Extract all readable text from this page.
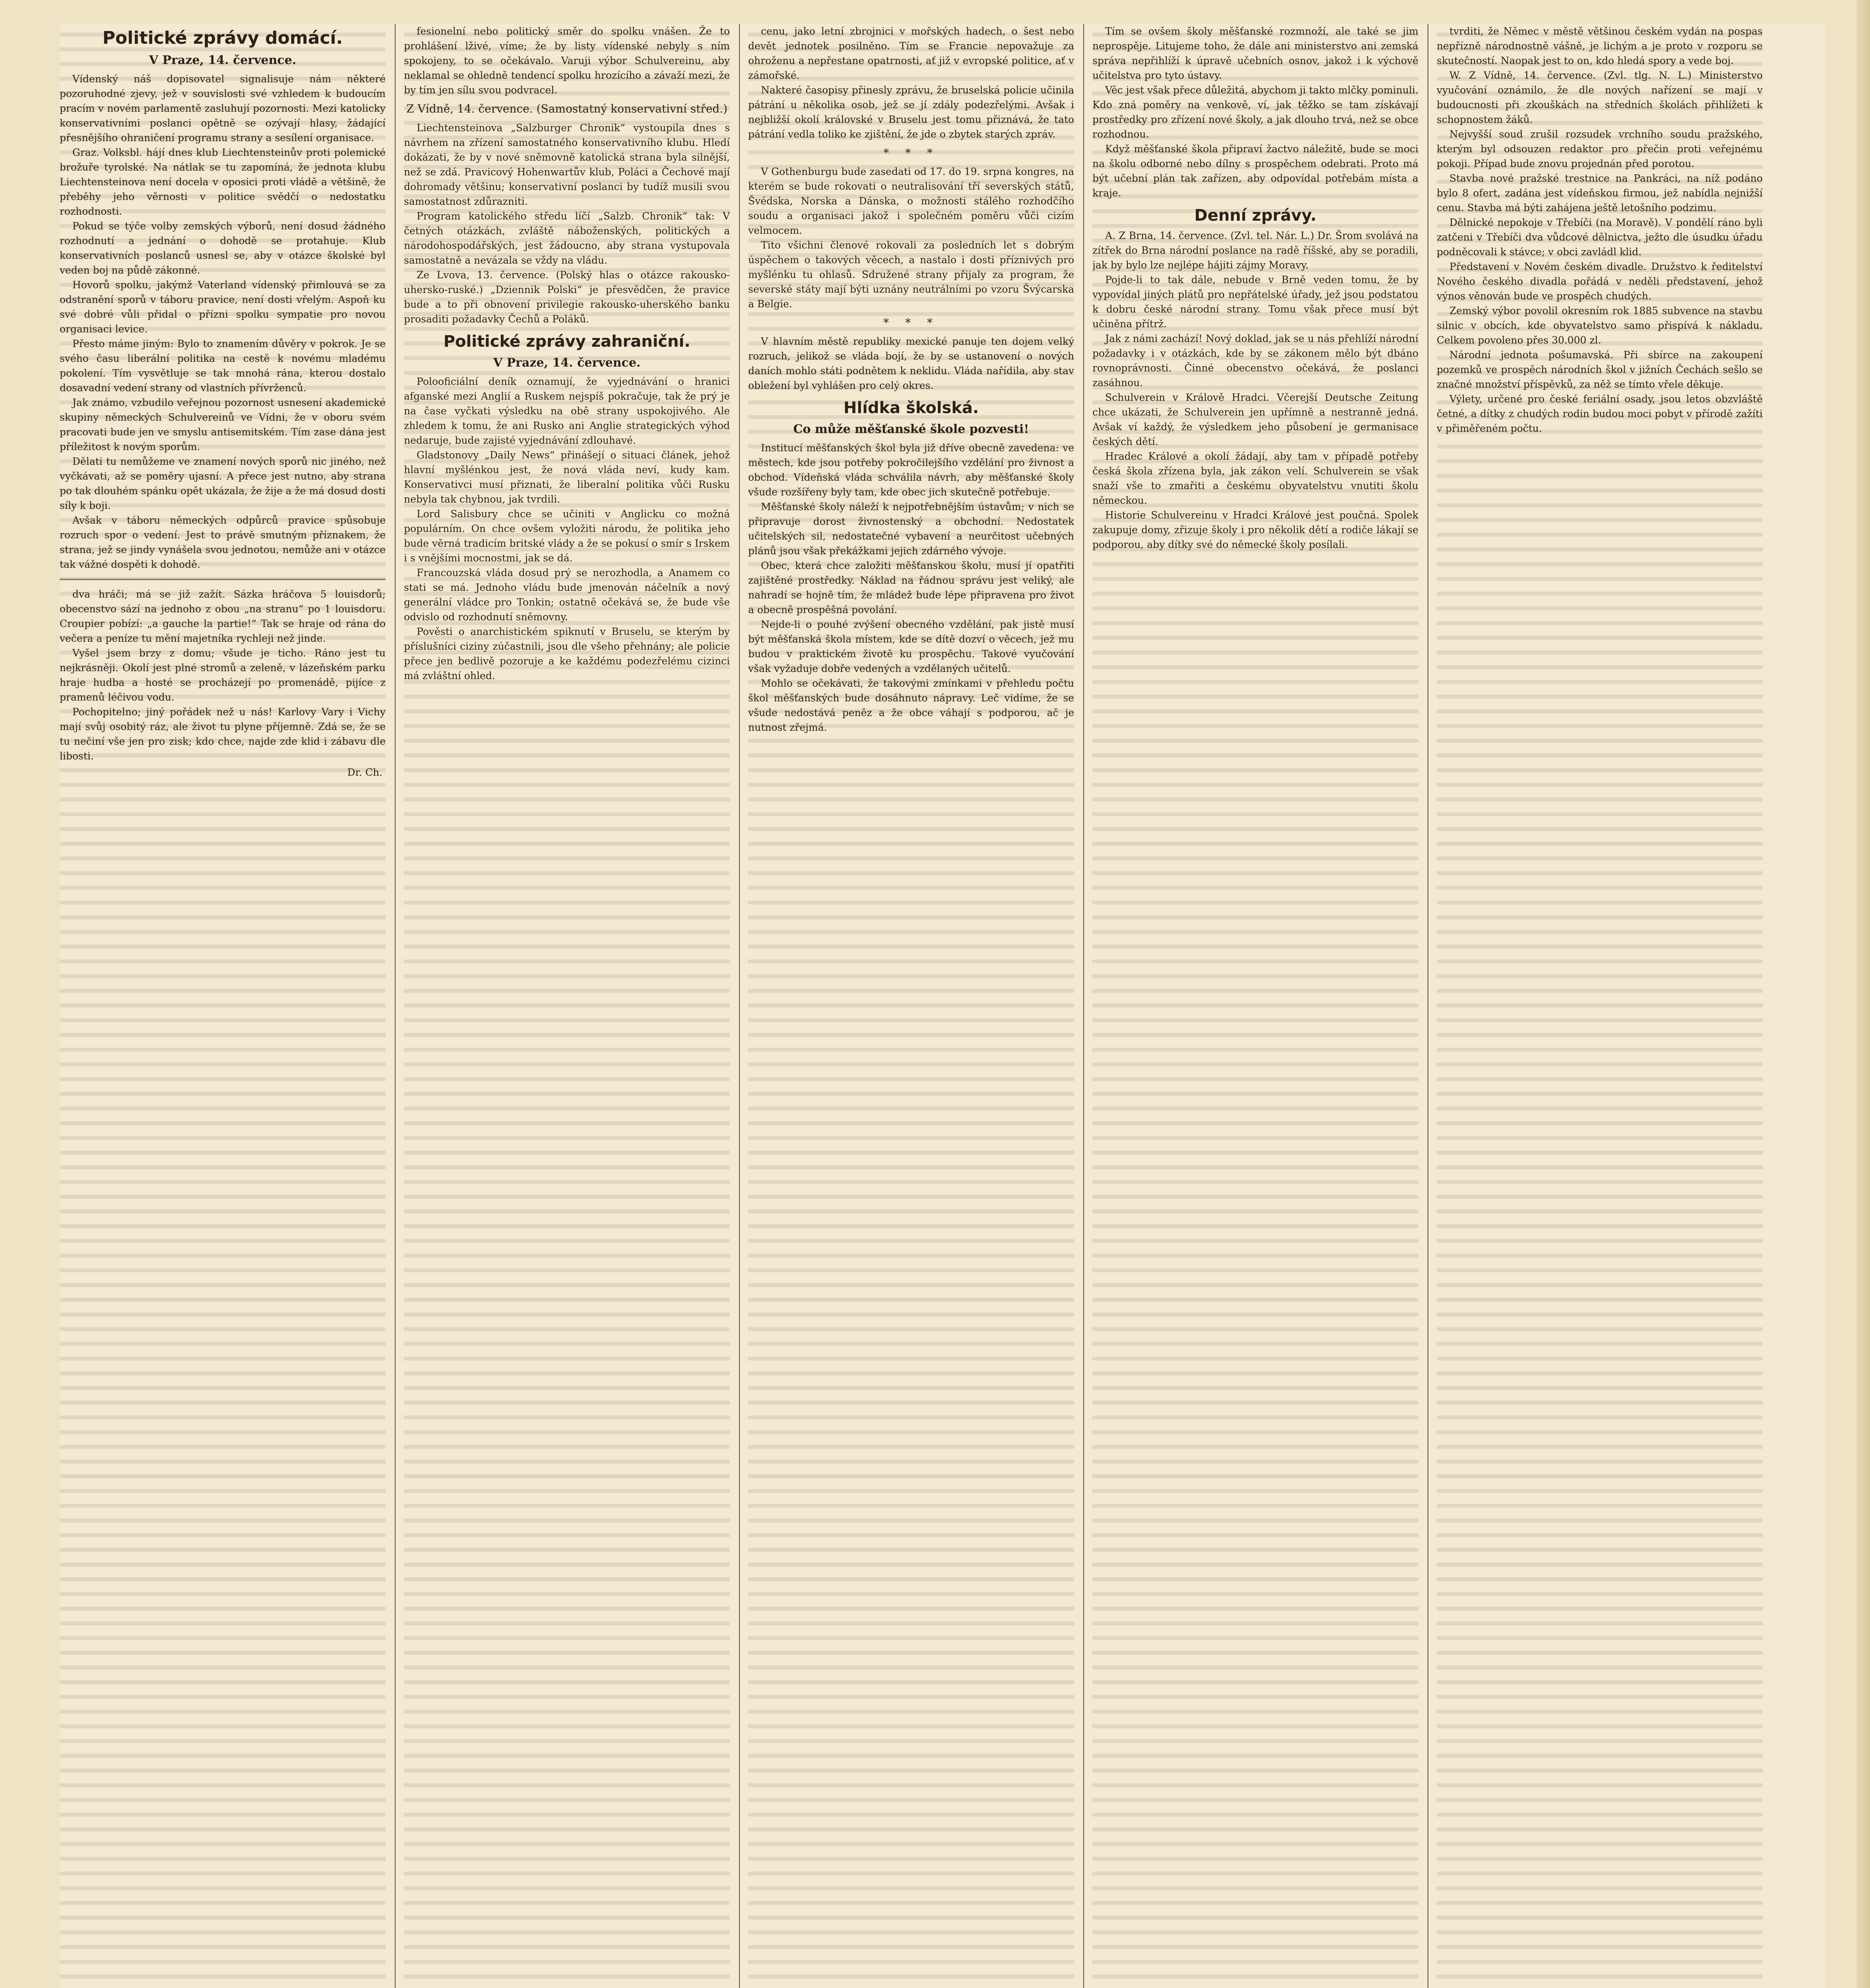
Politické zprávy domácí.
V Praze, 14. července.

Vídenský náš dopisovatel signalisuje nám některé pozoruhodné zjevy, jež v souvislosti své vzhledem k budoucím pracím v novém parlamentě zasluhují pozornosti. Mezi katolicky konservativními poslanci opětně se ozývají hlasy, žádající přesnějšího ohraničení programu strany a sesílení organisace.

Graz. Volksbl. hájí dnes klub Liechtensteinův proti polemické brožuře tyrolské. Na nátlak se tu zapomíná, že jednota klubu Liechtensteinova není docela v oposici proti vládě a většině, že přeběhy jeho věrnosti v politice svědčí o nedostatku rozhodnosti.

Pokud se týče volby zemských výborů, není dosud žádného rozhodnutí a jednání o dohodě se protahuje. Klub konservativních poslanců usnesl se, aby v otázce školské byl veden boj na půdě zákonné.

Hovorů spolku, jakýmž Vaterland vídenský přimlouvá se za odstranění sporů v táboru pravice, není dosti vřelým. Aspoň ku své dobré vůli přidal o přízni spolku sympatie pro novou organisaci levice.

Přesto máme jiným: Bylo to znamením důvěry v pokrok. Je se svého času liberální politika na cestě k novému mladému pokolení. Tím vysvětluje se tak mnohá rána, kterou dostalo dosavadní vedení strany od vlastních přívrženců.

Jak známo, vzbudilo veřejnou pozornost usnesení akademické skupiny německých Schulvereinů ve Vídni, že v oboru svém pracovati bude jen ve smyslu antisemitském. Tím zase dána jest příležitost k novým sporům.

Dělati tu nemůžeme ve znamení nových sporů nic jiného, než vyčkávati, až se poměry ujasní. A přece jest nutno, aby strana po tak dlouhém spánku opět ukázala, že žije a že má dosud dosti síly k boji.

Avšak v táboru německých odpůrců pravice spůsobuje rozruch spor o vedení. Jest to právě smutným příznakem, že strana, jež se jindy vynášela svou jednotou, nemůže ani v otázce tak vážné dospěti k dohodě.

dva hráči; má se již zažít. Sázka hráčova 5 louisdorů; obecenstvo sází na jednoho z obou „na stranu“ po 1 louisdoru. Croupier pobízí: „a gauche la partie!“ Tak se hraje od rána do večera a peníze tu mění majetníka rychleji než jinde.

Vyšel jsem brzy z domu; všude je ticho. Ráno jest tu nejkrásněji. Okolí jest plné stromů a zeleně, v lázeňském parku hraje hudba a hosté se procházejí po promenádě, pijíce z pramenů léčivou vodu.

Pochopitelno; jiný pořádek než u nás! Karlovy Vary i Vichy mají svůj osobitý ráz, ale život tu plyne příjemně. Zdá se, že se tu nečiní vše jen pro zisk; kdo chce, najde zde klid i zábavu dle libosti.

Dr. Ch.

fesionelní nebo politický směr do spolku vnášen. Že to prohlášení lživé, víme; že by listy vídenské nebyly s ním spokojeny, to se očekávalo. Varuji výbor Schulvereinu, aby neklamal se ohledně tendencí spolku hrozícího a závaží mezi, že by tím jen sílu svou podvracel.

Z Vídně, 14. července. (Samostatný konservativní střed.)

Liechtensteinova „Salzburger Chronik“ vystoupila dnes s návrhem na zřízení samostatného konservativního klubu. Hledí dokázati, že by v nové sněmovně katolická strana byla silnější, než se zdá. Pravicový Hohenwartův klub, Poláci a Čechové mají dohromady většinu; konservativní poslanci by tudíž musili svou samostatnost zdůrazniti.

Program katolického středu líčí „Salzb. Chronik“ tak: V četných otázkách, zvláště náboženských, politických a národohospodářských, jest žádoucno, aby strana vystupovala samostatně a nevázala se vždy na vládu.

Ze Lvova, 13. července. (Polský hlas o otázce rakousko-uhersko-ruské.) „Dziennik Polski“ je přesvědčen, že pravice bude a to při obnovení privilegie rakousko-uherského banku prosaditi požadavky Čechů a Poláků.

Politické zprávy zahraniční.
V Praze, 14. července.

Polooficiální deník oznamují, že vyjednávání o hranici afganské mezi Anglií a Ruskem nejspíš pokračuje, tak že prý je na čase vyčkati výsledku na obě strany uspokojivého. Ale zhledem k tomu, že ani Rusko ani Anglie strategických výhod nedaruje, bude zajisté vyjednávání zdlouhavé.

Gladstonovy „Daily News“ přinášejí o situaci článek, jehož hlavní myšlénkou jest, že nová vláda neví, kudy kam. Konservativci musí přiznati, že liberalní politika vůči Rusku nebyla tak chybnou, jak tvrdili.

Lord Salisbury chce se učiniti v Anglicku co možná populárním. On chce ovšem vyložiti národu, že politika jeho bude věrná tradicím britské vlády a že se pokusí o smír s Irskem i s vnějšími mocnostmi, jak se dá.

Francouzská vláda dosud prý se nerozhodla, a Anamem co stati se má. Jednoho vládu bude jmenován náčelník a nový generální vládce pro Tonkin; ostatně očekává se, že bude vše odvislo od rozhodnutí sněmovny.

Pověsti o anarchistickém spiknutí v Bruselu, se kterým by příslušníci ciziny zúčastnili, jsou dle všeho přehnány; ale policie přece jen bedlivě pozoruje a ke každému podezřelému cizinci má zvláštní ohled.

cenu, jako letní zbrojnici v mořských hadech, o šest nebo devět jednotek posilněno. Tím se Francie nepovažuje za ohroženu a nepřestane opatrnosti, ať již v evropské politice, ať v zámořské.

Nakteré časopisy přinesly zprávu, že bruselská policie učinila pátrání u několika osob, jež se jí zdály podezřelými. Avšak i nejbližší okolí královské v Bruselu jest tomu přiznává, že tato pátrání vedla toliko ke zjištění, že jde o zbytek starých zpráv.

* * *

V Gothenburgu bude zasedati od 17. do 19. srpna kongres, na kterém se bude rokovati o neutralisování tří severských států, Švédska, Norska a Dánska, o možnosti stálého rozhodčího soudu a organisaci jakož i společném poměru vůči cizím velmocem.

Tito všichni členové rokovali za posledních let s dobrým úspěchem o takových věcech, a nastalo i dosti příznivých pro myšlénku tu ohlasů. Sdružené strany přijaly za program, že severské státy mají býti uznány neutrálními po vzoru Švýcarska a Belgie.

* * *

V hlavním městě republiky mexické panuje ten dojem velký rozruch, jelikož se vláda bojí, že by se ustanovení o nových daních mohlo státi podnětem k neklidu. Vláda nařídila, aby stav obležení byl vyhlášen pro celý okres.

Hlídka školská.
Co může měšťanské škole pozvesti!

Institucí měšťanských škol byla již dříve obecně zavedena: ve městech, kde jsou potřeby pokročilejšího vzdělání pro živnost a obchod. Vídeňská vláda schválila návrh, aby měšťanské školy všude rozšířeny byly tam, kde obec jich skutečně potřebuje.

Měšťanské školy náleží k nejpotřebnějším ústavům; v nich se připravuje dorost živnostenský a obchodní. Nedostatek učitelských sil, nedostatečné vybavení a neurčitost učebných plánů jsou však překážkami jejich zdárného vývoje.

Obec, která chce založiti měšťanskou školu, musí jí opatřiti zajištěné prostředky. Náklad na řádnou správu jest veliký, ale nahradí se hojně tím, že mládež bude lépe připravena pro život a obecně prospěšná povolání.

Nejde-li o pouhé zvýšení obecného vzdělání, pak jistě musí být měšťanská škola místem, kde se dítě dozví o věcech, jež mu budou v praktickém životě ku prospěchu. Takové vyučování však vyžaduje dobře vedených a vzdělaných učitelů.

Mohlo se očekávati, že takovými zmínkami v přehledu počtu škol měšťanských bude dosáhnuto nápravy. Leč vidíme, že se všude nedostává peněz a že obce váhají s podporou, ač je nutnost zřejmá.

Tím se ovšem školy měšťanské rozmnoží, ale také se jim neprospěje. Litujeme toho, že dále ani ministerstvo ani zemská správa nepřihlíží k úpravě učebních osnov, jakož i k výchově učitelstva pro tyto ústavy.

Věc jest však přece důležitá, abychom ji takto mlčky pominuli. Kdo zná poměry na venkově, ví, jak těžko se tam získávají prostředky pro zřízení nové školy, a jak dlouho trvá, než se obce rozhodnou.

Když měšťanské škola připraví žactvo náležitě, bude se moci na školu odborné nebo dílny s prospěchem odebrati. Proto má být učební plán tak zařízen, aby odpovídal potřebám místa a kraje.

Denní zprávy.

A. Z Brna, 14. července. (Zvl. tel. Nár. L.) Dr. Šrom svolává na zítřek do Brna národní poslance na radě říšské, aby se poradili, jak by bylo lze nejlépe hájiti zájmy Moravy.

Pojde-li to tak dále, nebude v Brně veden tomu, že by vypovídal jiných plátů pro nepřátelské úřady, jež jsou podstatou k dobru české národní strany. Tomu však přece musí být učiněna přítrž.

Jak z námi zachází! Nový doklad, jak se u nás přehlíží národní požadavky i v otázkách, kde by se zákonem mělo být dbáno rovnoprávnosti. Činné obecenstvo očekává, že poslanci zasáhnou.

Schulverein v Králově Hradci. Včerejší Deutsche Zeitung chce ukázati, že Schulverein jen upřímně a nestranně jedná. Avšak ví každý, že výsledkem jeho působení je germanisace českých dětí.

Hradec Králové a okolí žádají, aby tam v případě potřeby česká škola zřízena byla, jak zákon velí. Schulverein se však snaží vše to zmařiti a českému obyvatelstvu vnutiti školu německou.

Historie Schulvereinu v Hradci Králové jest poučná. Spolek zakupuje domy, zřizuje školy i pro několik dětí a rodiče lákají se podporou, aby dítky své do německé školy posílali.

tvrditi, že Němec v městě většinou českém vydán na pospas nepřízně národnostně vášně, je lichým a je proto v rozporu se skutečností. Naopak jest to on, kdo hledá spory a vede boj.

W. Z Vídně, 14. července. (Zvl. tlg. N. L.) Ministerstvo vyučování oznámilo, že dle nových nařízení se mají v budoucnosti při zkouškách na středních školách přihlížeti k schopnostem žáků.

Nejvyšší soud zrušil rozsudek vrchního soudu pražského, kterým byl odsouzen redaktor pro přečin proti veřejnému pokoji. Případ bude znovu projednán před porotou.

Stavba nové pražské trestnice na Pankráci, na níž podáno bylo 8 ofert, zadána jest vídeňskou firmou, jež nabídla nejnižší cenu. Stavba má býti zahájena ještě letošního podzimu.

Dělnické nepokoje v Třebíči (na Moravě). V pondělí ráno byli zatčeni v Třebíči dva vůdcové dělnictva, ježto dle úsudku úřadu podněcovali k stávce; v obci zavládl klid.

Představení v Novém českém divadle. Družstvo k ředitelství Nového českého divadla pořádá v neděli představení, jehož výnos věnován bude ve prospěch chudých.

Zemský výbor povolil okresním rok 1885 subvence na stavbu silnic v obcích, kde obyvatelstvo samo přispívá k nákladu. Celkem povoleno přes 30.000 zl.

Národní jednota pošumavská. Při sbírce na zakoupení pozemků ve prospěch národních škol v jižních Čechách sešlo se značné množství příspěvků, za něž se tímto vřele děkuje.

Výlety, určené pro české feriální osady, jsou letos obzvláště četné, a dítky z chudých rodin budou moci pobyt v přírodě zažíti v přiměřeném počtu.
